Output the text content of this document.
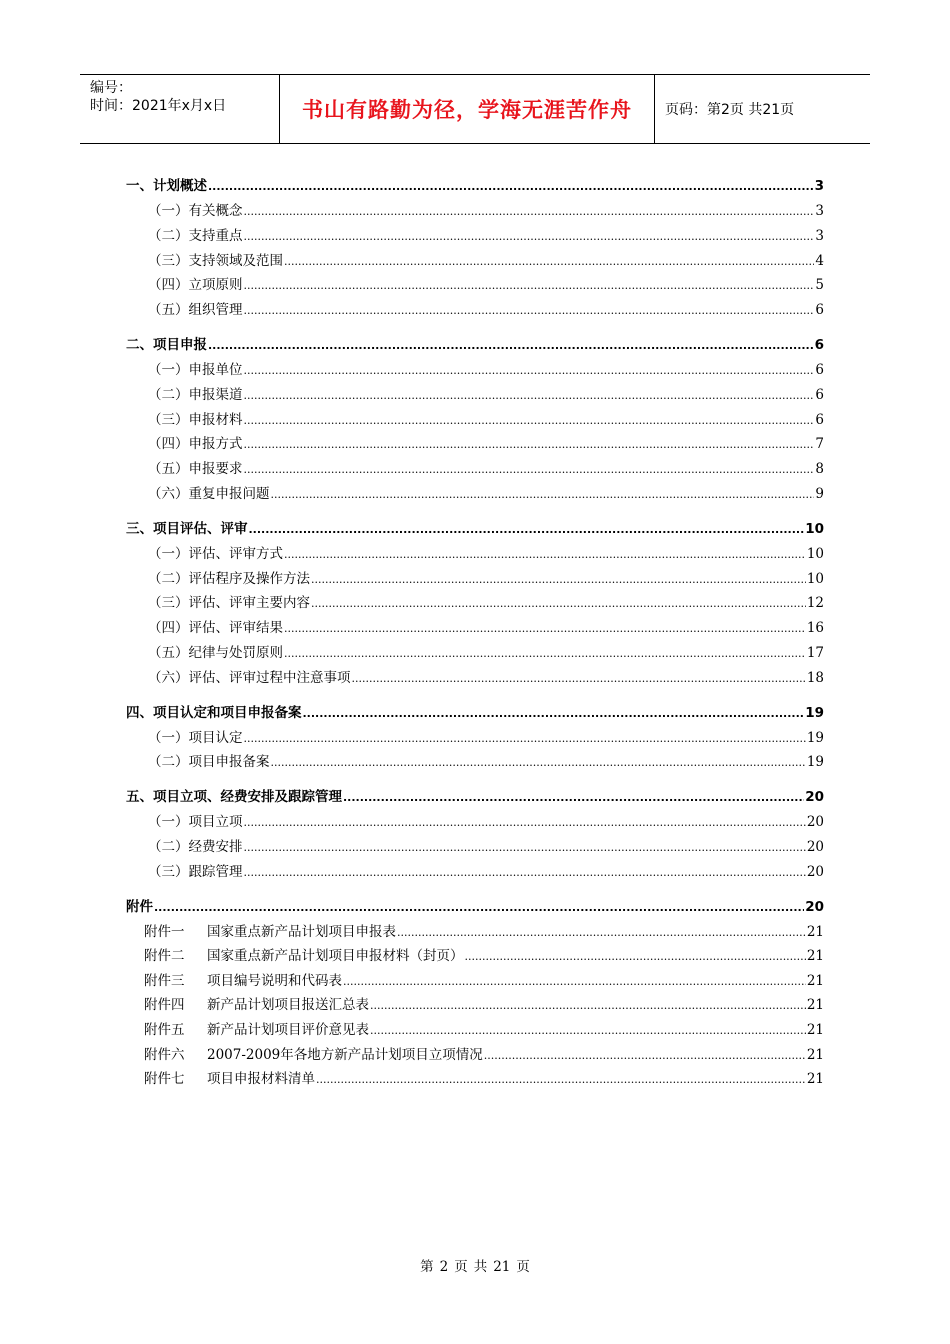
编号：
时间：2021年x月x日	书山有路勤为径，学海无涯苦作舟	页码：第2页 共21页
一、计划概述 .....	3
（一）有关概念 .....	3
（二）支持重点 .....	3
（三）支持领域及范围 .....	4
（四）立项原则 .....	5
（五）组织管理 .....	6
二、项目申报 .....	6
（一）申报单位 .....	6
（二）申报渠道 .....	6
（三）申报材料 .....	6
（四）申报方式 .....	7
（五）申报要求 .....	8
（六）重复申报问题 .....	9
三、项目评估、评审 .....	10
（一）评估、评审方式 .....	10
（二）评估程序及操作方法 .....	10
（三）评估、评审主要内容 .....	12
（四）评估、评审结果 .....	16
（五）纪律与处罚原则 .....	17
（六）评估、评审过程中注意事项 .....	18
四、项目认定和项目申报备案 .....	19
（一）项目认定 .....	19
（二）项目申报备案 .....	19
五、项目立项、经费安排及跟踪管理 .....	20
（一）项目立项 .....	20
（二）经费安排 .....	20
（三）跟踪管理 .....	20
附件 .....	20
附件一 国家重点新产品计划项目申报表 .....	21
附件二 国家重点新产品计划项目申报材料（封页） .....	21
附件三 项目编号说明和代码表 .....	21
附件四 新产品计划项目报送汇总表 .....	21
附件五 新产品计划项目评价意见表 .....	21
附件六 2007-2009年各地方新产品计划项目立项情况 .....	21
附件七 项目申报材料清单 .....	21
第 2 页 共 21 页
